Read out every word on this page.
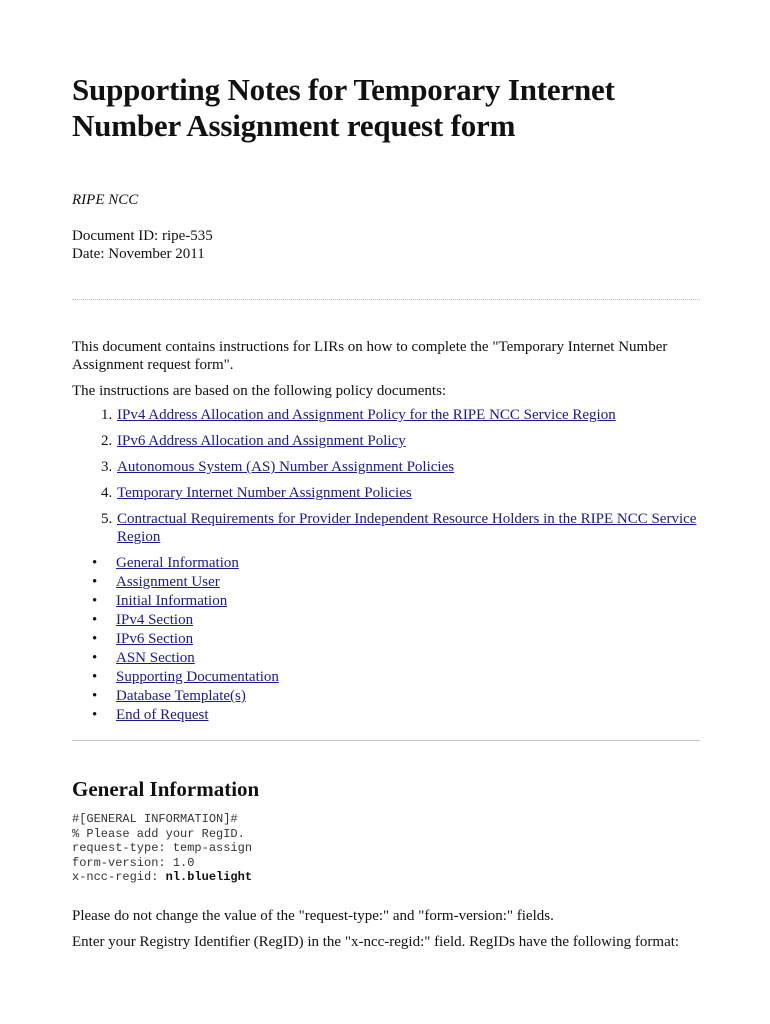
Supporting Notes for Temporary Internet Number Assignment request form
RIPE NCC
Document ID: ripe-535
Date: November 2011

This document contains instructions for LIRs on how to complete the "Temporary Internet Number Assignment request form".

The instructions are based on the following policy documents:

1. IPv4 Address Allocation and Assignment Policy for the RIPE NCC Service Region
2. IPv6 Address Allocation and Assignment Policy
3. Autonomous System (AS) Number Assignment Policies
4. Temporary Internet Number Assignment Policies
5. Contractual Requirements for Provider Independent Resource Holders in the RIPE NCC Service Region
• General Information
• Assignment User
• Initial Information
• IPv4 Section
• IPv6 Section
• ASN Section
• Supporting Documentation
• Database Template(s)
• End of Request
General Information
#[GENERAL INFORMATION]#
% Please add your RegID.
request-type: temp-assign
form-version: 1.0
x-ncc-regid: nl.bluelight

Please do not change the value of the "request-type:" and "form-version:" fields.

Enter your Registry Identifier (RegID) in the "x-ncc-regid:" field. RegIDs have the following format:
